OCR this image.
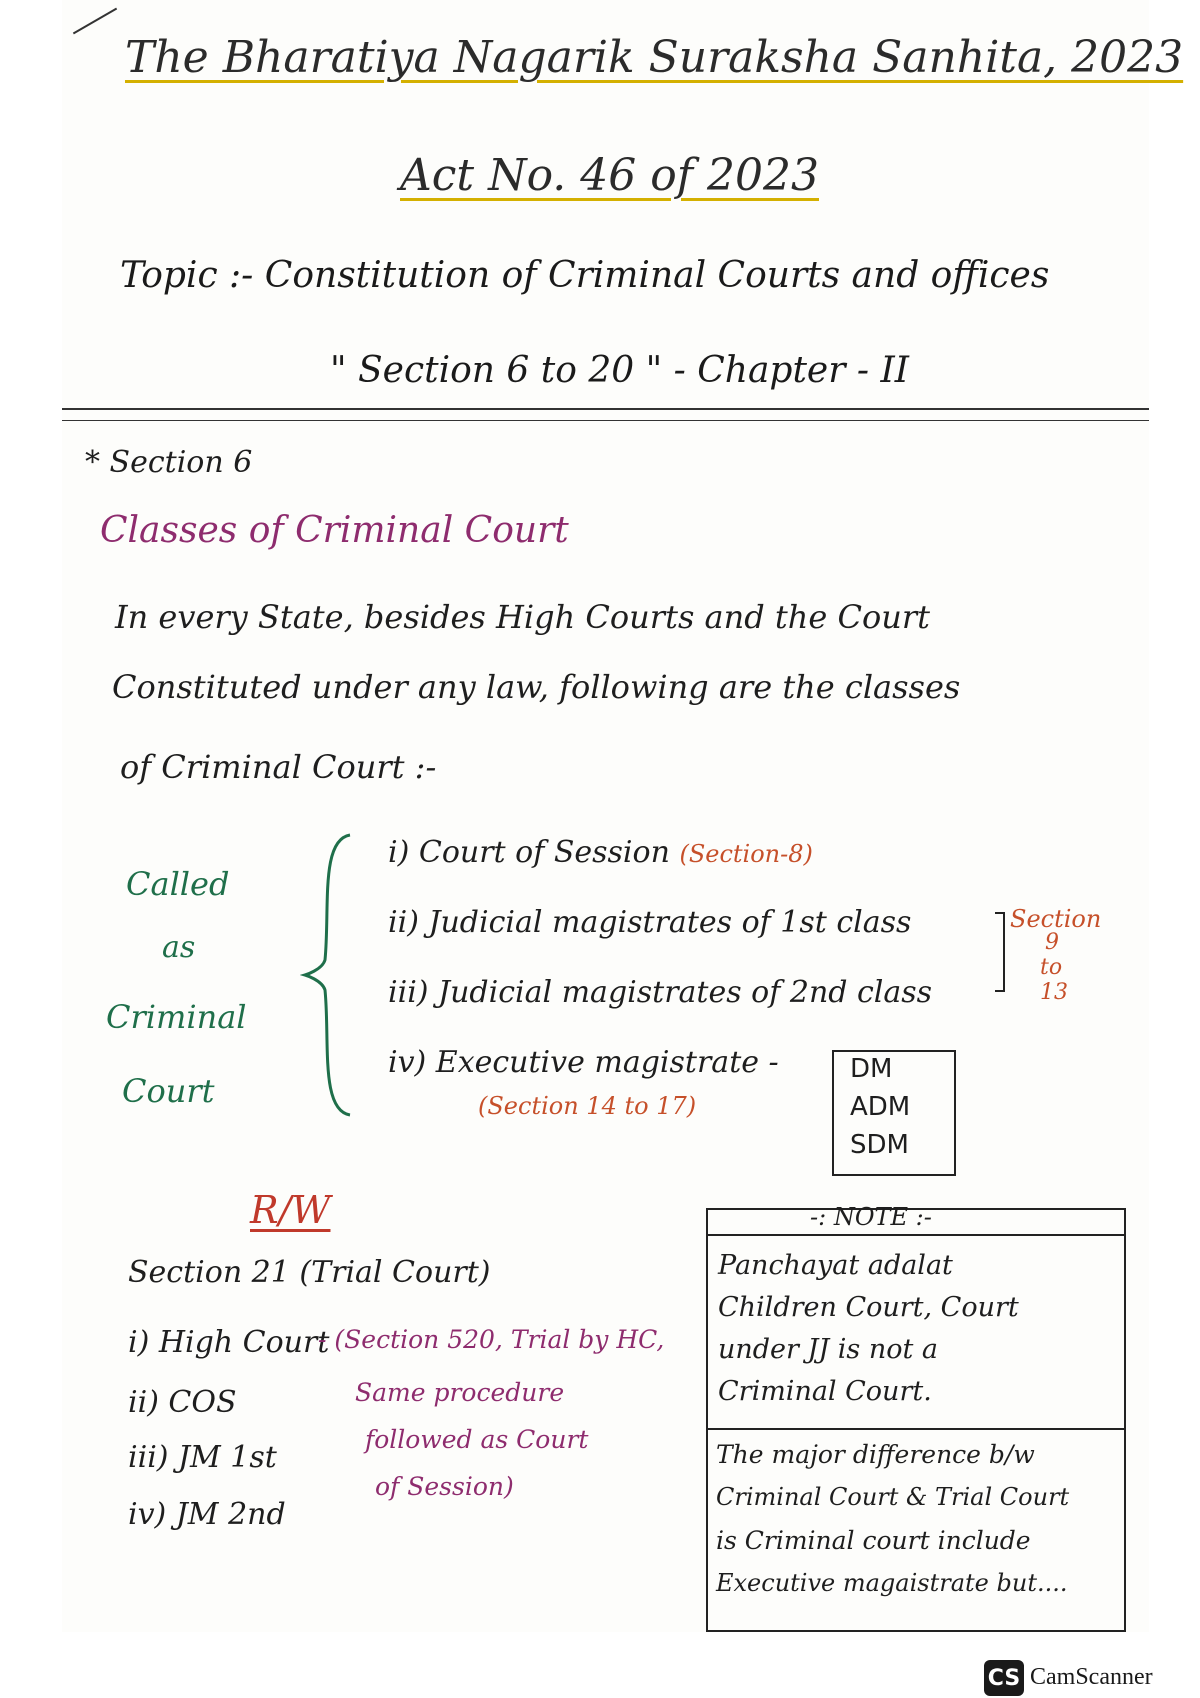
The Bharatiya Nagarik Suraksha Sanhita, 2023
Act No. 46 of 2023
Topic :- Constitution of Criminal Courts and offices
" Section 6 to 20 " - Chapter - II
* Section 6
Classes of Criminal Court
In every State, besides High Courts and the Court
Constituted under any law, following are the classes
of Criminal Court :-
Called
as
Criminal
Court
i) Court of Session (Section-8)
ii) Judicial magistrates of 1st class
iii) Judicial magistrates of 2nd class
iv) Executive magistrate -
(Section 14 to 17)
Section
9
to
13
DM
ADM
SDM
R/W
Section 21 (Trial Court)
i) High Court
ii) COS
iii) JM 1st
iv) JM 2nd
- (Section 520, Trial by HC,
Same procedure
followed as Court
of Session)
-: NOTE :-
Panchayat adalat
Children Court, Court
under JJ is not a
Criminal Court.
The major difference b/w
Criminal Court & Trial Court
is Criminal court include
Executive magaistrate but....
CS CamScanner
